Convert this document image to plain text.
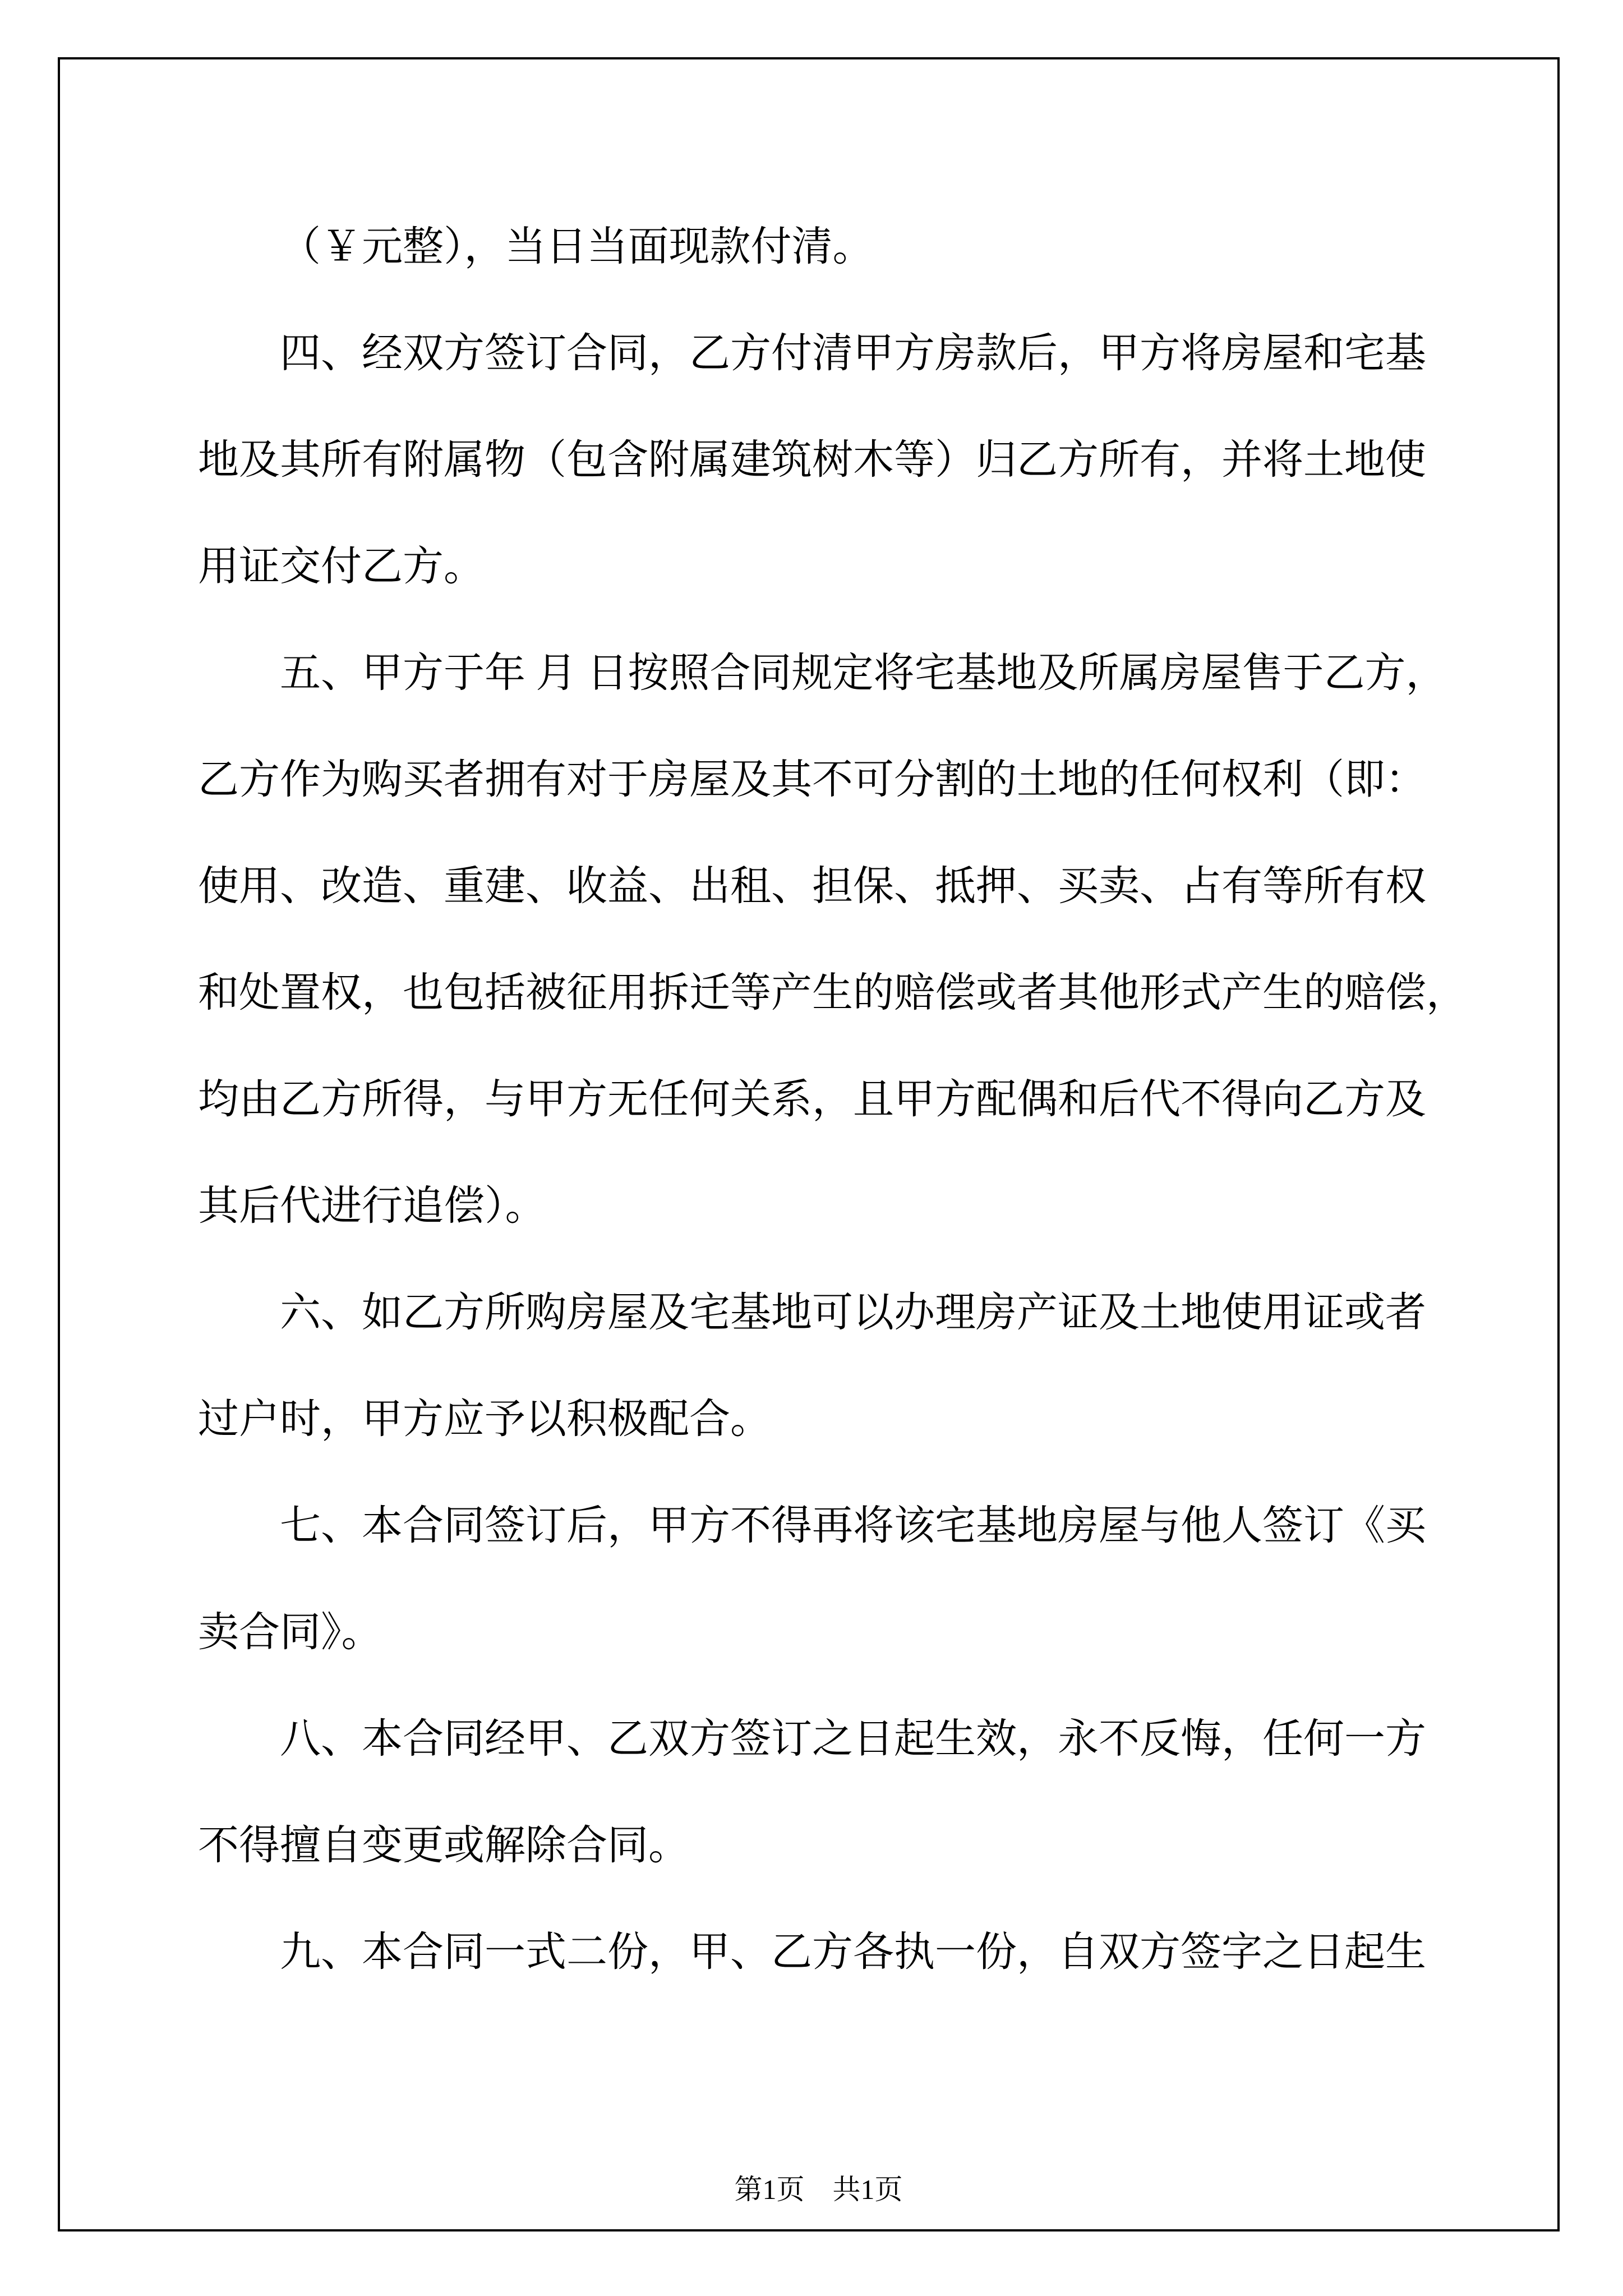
（￥元整），当日当面现款付清。
四、经双方签订合同，乙方付清甲方房款后，甲方将房屋和宅基
地及其所有附属物（包含附属建筑树木等）归乙方所有，并将土地使
用证交付乙方。
五、甲方于年 月 日按照合同规定将宅基地及所属房屋售于乙方，
乙方作为购买者拥有对于房屋及其不可分割的土地的任何权利（即：
使用、改造、重建、收益、出租、担保、抵押、买卖、占有等所有权
和处置权，也包括被征用拆迁等产生的赔偿或者其他形式产生的赔偿，
均由乙方所得，与甲方无任何关系，且甲方配偶和后代不得向乙方及
其后代进行追偿）。
六、如乙方所购房屋及宅基地可以办理房产证及土地使用证或者
过户时，甲方应予以积极配合。
七、本合同签订后，甲方不得再将该宅基地房屋与他人签订《买
卖合同》。
八、本合同经甲、乙双方签订之日起生效，永不反悔，任何一方
不得擅自变更或解除合同。
九、本合同一式二份，甲、乙方各执一份，自双方签字之日起生

第1页　共1页
